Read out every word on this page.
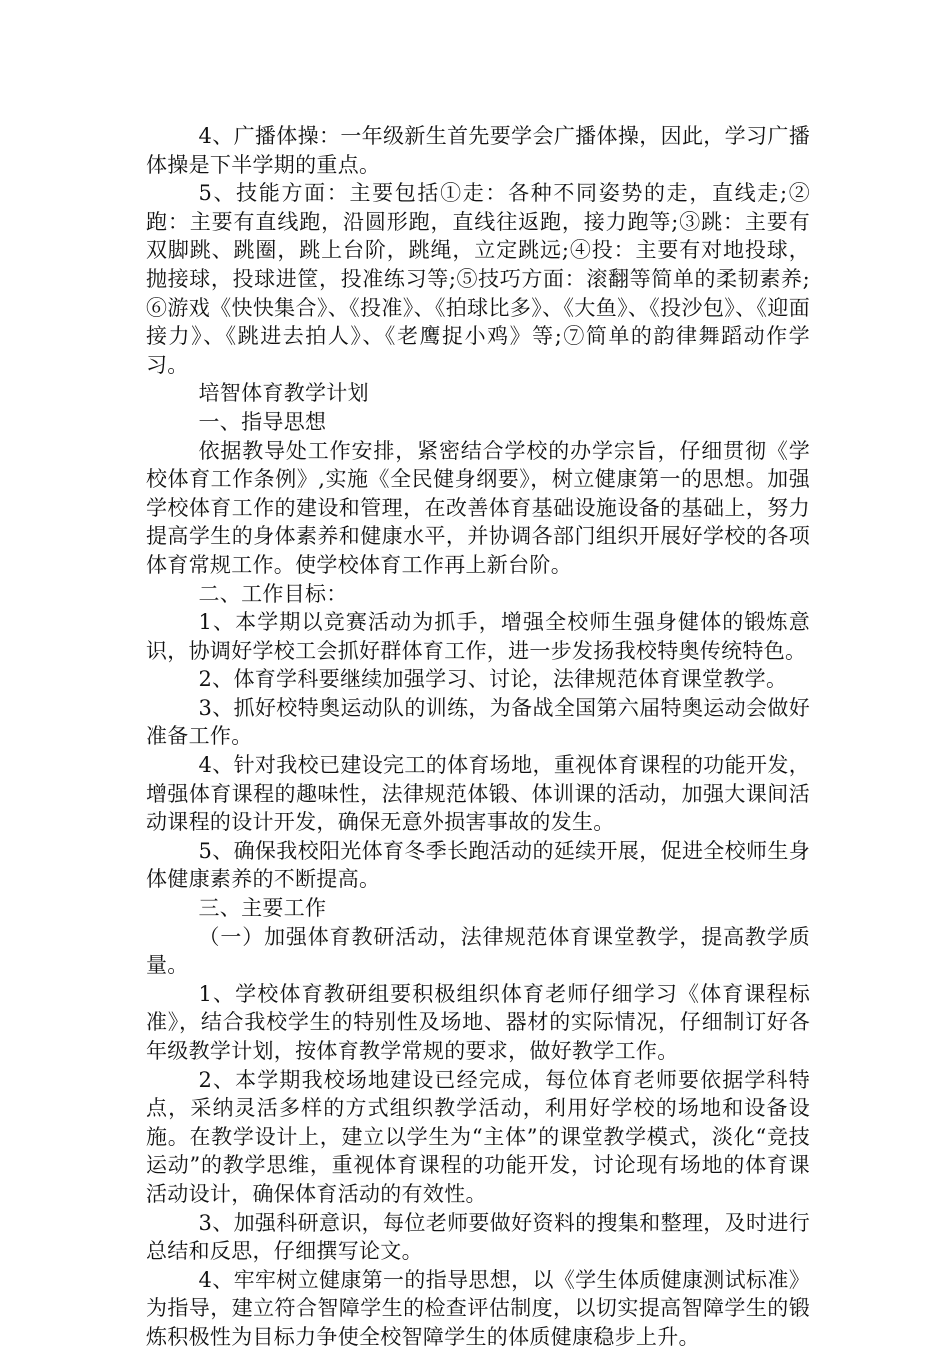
4、广播体操：一年级新生首先要学会广播体操，因此，学习广播体操是下半学期的重点。

5、技能方面：主要包括①走：各种不同姿势的走，直线走;②跑：主要有直线跑，沿圆形跑，直线往返跑，接力跑等;③跳：主要有双脚跳、跳圈，跳上台阶，跳绳，立定跳远;④投：主要有对地投球，抛接球，投球进筐，投准练习等;⑤技巧方面：滚翻等简单的柔韧素养;⑥游戏《快快集合》、《投准》、《拍球比多》、《大鱼》、《投沙包》、《迎面接力》、《跳进去拍人》、《老鹰捉小鸡》等;⑦简单的韵律舞蹈动作学习。

培智体育教学计划

一、指导思想

依据教导处工作安排，紧密结合学校的办学宗旨，仔细贯彻《学校体育工作条例》,实施《全民健身纲要》，树立健康第一的思想。加强学校体育工作的建设和管理，在改善体育基础设施设备的基础上，努力提高学生的身体素养和健康水平，并协调各部门组织开展好学校的各项体育常规工作。使学校体育工作再上新台阶。

二、工作目标：

1、本学期以竞赛活动为抓手，增强全校师生强身健体的锻炼意识，协调好学校工会抓好群体育工作，进一步发扬我校特奥传统特色。

2、体育学科要继续加强学习、讨论，法律规范体育课堂教学。

3、抓好校特奥运动队的训练，为备战全国第六届特奥运动会做好准备工作。

4、针对我校已建设完工的体育场地，重视体育课程的功能开发，增强体育课程的趣味性，法律规范体锻、体训课的活动，加强大课间活动课程的设计开发，确保无意外损害事故的发生。

5、确保我校阳光体育冬季长跑活动的延续开展，促进全校师生身体健康素养的不断提高。

三、主要工作

（一）加强体育教研活动，法律规范体育课堂教学，提高教学质量。

1、学校体育教研组要积极组织体育老师仔细学习《体育课程标准》，结合我校学生的特别性及场地、器材的实际情况，仔细制订好各年级教学计划，按体育教学常规的要求，做好教学工作。

2、本学期我校场地建设已经完成，每位体育老师要依据学科特点，采纳灵活多样的方式组织教学活动，利用好学校的场地和设备设施。在教学设计上，建立以学生为“主体”的课堂教学模式，淡化“竞技运动”的教学思维，重视体育课程的功能开发，讨论现有场地的体育课活动设计，确保体育活动的有效性。

3、加强科研意识，每位老师要做好资料的搜集和整理，及时进行总结和反思，仔细撰写论文。

4、牢牢树立健康第一的指导思想，以《学生体质健康测试标准》为指导，建立符合智障学生的检查评估制度，以切实提高智障学生的锻炼积极性为目标力争使全校智障学生的体质健康稳步上升。
